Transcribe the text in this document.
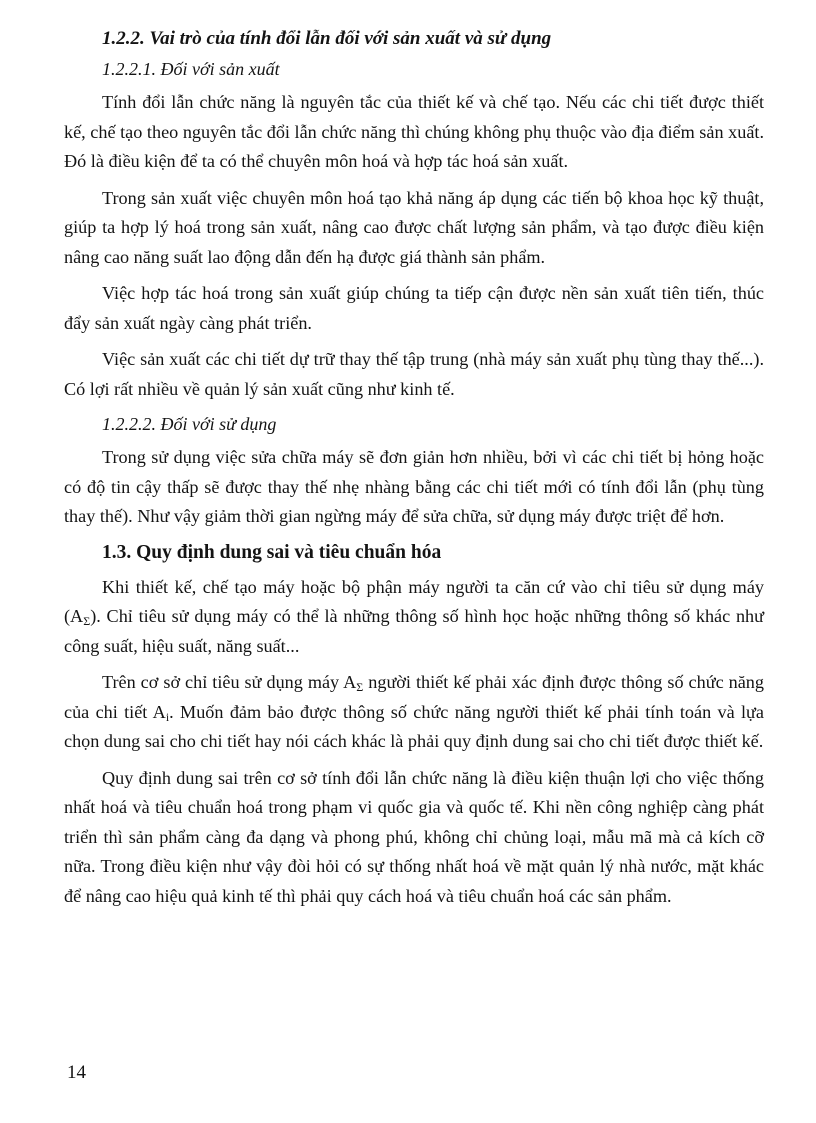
1.2.2. Vai trò của tính đổi lẫn đối với sản xuất và sử dụng
1.2.2.1. Đối với sản xuất

Tính đổi lẫn chức năng là nguyên tắc của thiết kế và chế tạo. Nếu các chi tiết được thiết kế, chế tạo theo nguyên tắc đổi lẫn chức năng thì chúng không phụ thuộc vào địa điểm sản xuất. Đó là điều kiện để ta có thể chuyên môn hoá và hợp tác hoá sản xuất.

Trong sản xuất việc chuyên môn hoá tạo khả năng áp dụng các tiến bộ khoa học kỹ thuật, giúp ta hợp lý hoá trong sản xuất, nâng cao được chất lượng sản phẩm, và tạo được điều kiện nâng cao năng suất lao động dẫn đến hạ được giá thành sản phẩm.

Việc hợp tác hoá trong sản xuất giúp chúng ta tiếp cận được nền sản xuất tiên tiến, thúc đẩy sản xuất ngày càng phát triển.

Việc sản xuất các chi tiết dự trữ thay thế tập trung (nhà máy sản xuất phụ tùng thay thế...). Có lợi rất nhiều về quản lý sản xuất cũng như kinh tế.

1.2.2.2. Đối với sử dụng

Trong sử dụng việc sửa chữa máy sẽ đơn giản hơn nhiều, bởi vì các chi tiết bị hỏng hoặc có độ tin cậy thấp sẽ được thay thế nhẹ nhàng bằng các chi tiết mới có tính đổi lẫn (phụ tùng thay thế). Như vậy giảm thời gian ngừng máy để sửa chữa, sử dụng máy được triệt để hơn.

1.3. Quy định dung sai và tiêu chuẩn hóa

Khi thiết kế, chế tạo máy hoặc bộ phận máy người ta căn cứ vào chỉ tiêu sử dụng máy $(A_\Sigma)$. Chỉ tiêu sử dụng máy có thể là những thông số hình học hoặc những thông số khác như công suất, hiệu suất, năng suất...

Trên cơ sở chỉ tiêu sử dụng máy $A_\Sigma$ người thiết kế phải xác định được thông số chức năng của chi tiết $A_i$. Muốn đảm bảo được thông số chức năng người thiết kế phải tính toán và lựa chọn dung sai cho chi tiết hay nói cách khác là phải quy định dung sai cho chi tiết được thiết kế.

Quy định dung sai trên cơ sở tính đổi lẫn chức năng là điều kiện thuận lợi cho việc thống nhất hoá và tiêu chuẩn hoá trong phạm vi quốc gia và quốc tế. Khi nền công nghiệp càng phát triển thì sản phẩm càng đa dạng và phong phú, không chỉ chủng loại, mẫu mã mà cả kích cỡ nữa. Trong điều kiện như vậy đòi hỏi có sự thống nhất hoá về mặt quản lý nhà nước, mặt khác để nâng cao hiệu quả kinh tế thì phải quy cách hoá và tiêu chuẩn hoá các sản phẩm.

14
